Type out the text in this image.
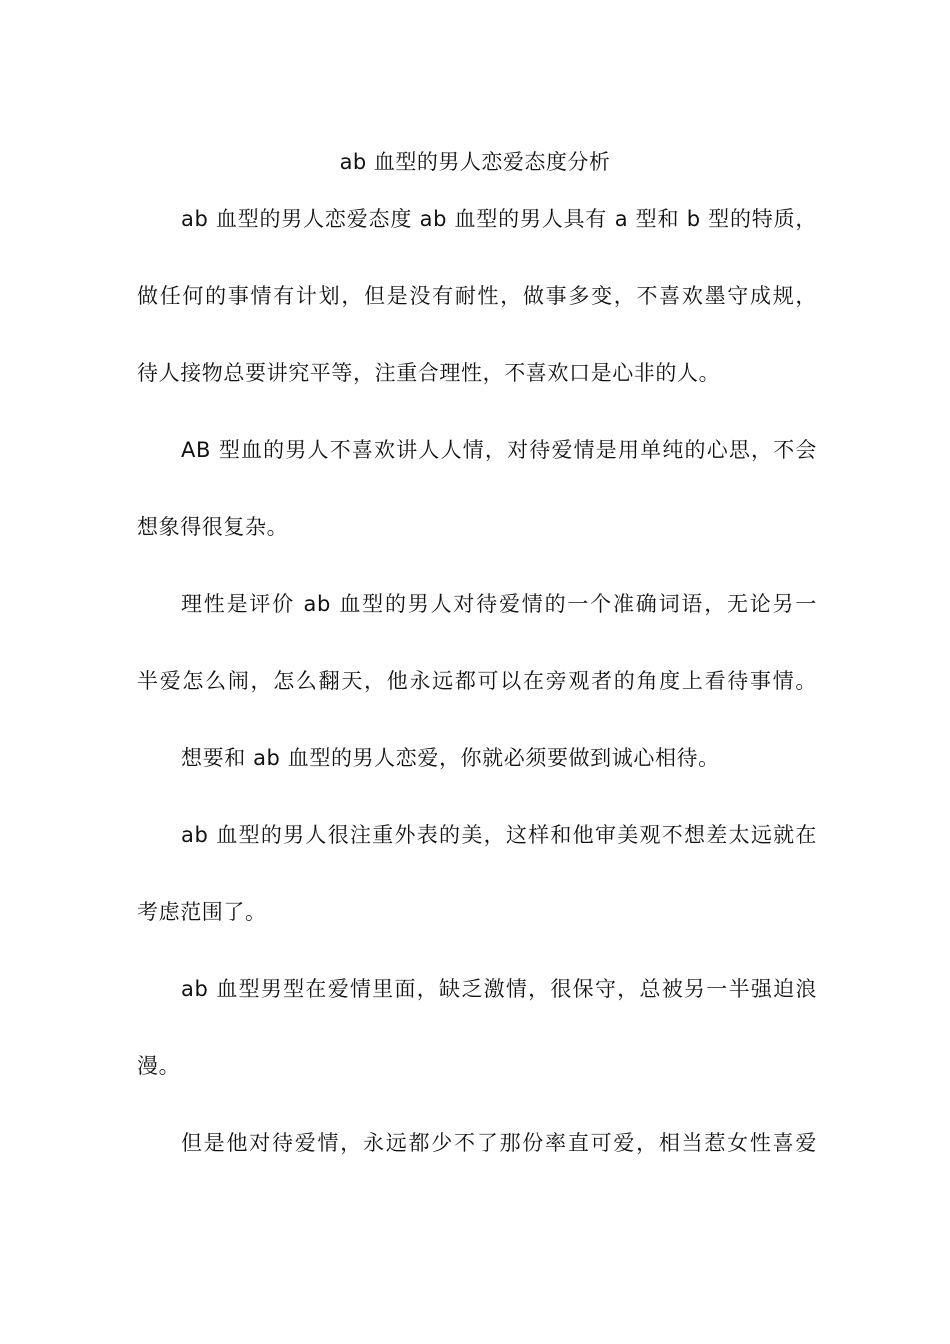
ab 血型的男人恋爱态度分析
ab 血型的男人恋爱态度 ab 血型的男人具有 a 型和 b 型的特质，
做任何的事情有计划，但是没有耐性，做事多变，不喜欢墨守成规，
待人接物总要讲究平等，注重合理性，不喜欢口是心非的人。
AB 型血的男人不喜欢讲人人情，对待爱情是用单纯的心思，不会
想象得很复杂。
理性是评价 ab 血型的男人对待爱情的一个准确词语，无论另一
半爱怎么闹，怎么翻天，他永远都可以在旁观者的角度上看待事情。
想要和 ab 血型的男人恋爱，你就必须要做到诚心相待。
ab 血型的男人很注重外表的美，这样和他审美观不想差太远就在
考虑范围了。
ab 血型男型在爱情里面，缺乏激情，很保守，总被另一半强迫浪
漫。
但是他对待爱情，永远都少不了那份率直可爱，相当惹女性喜爱
